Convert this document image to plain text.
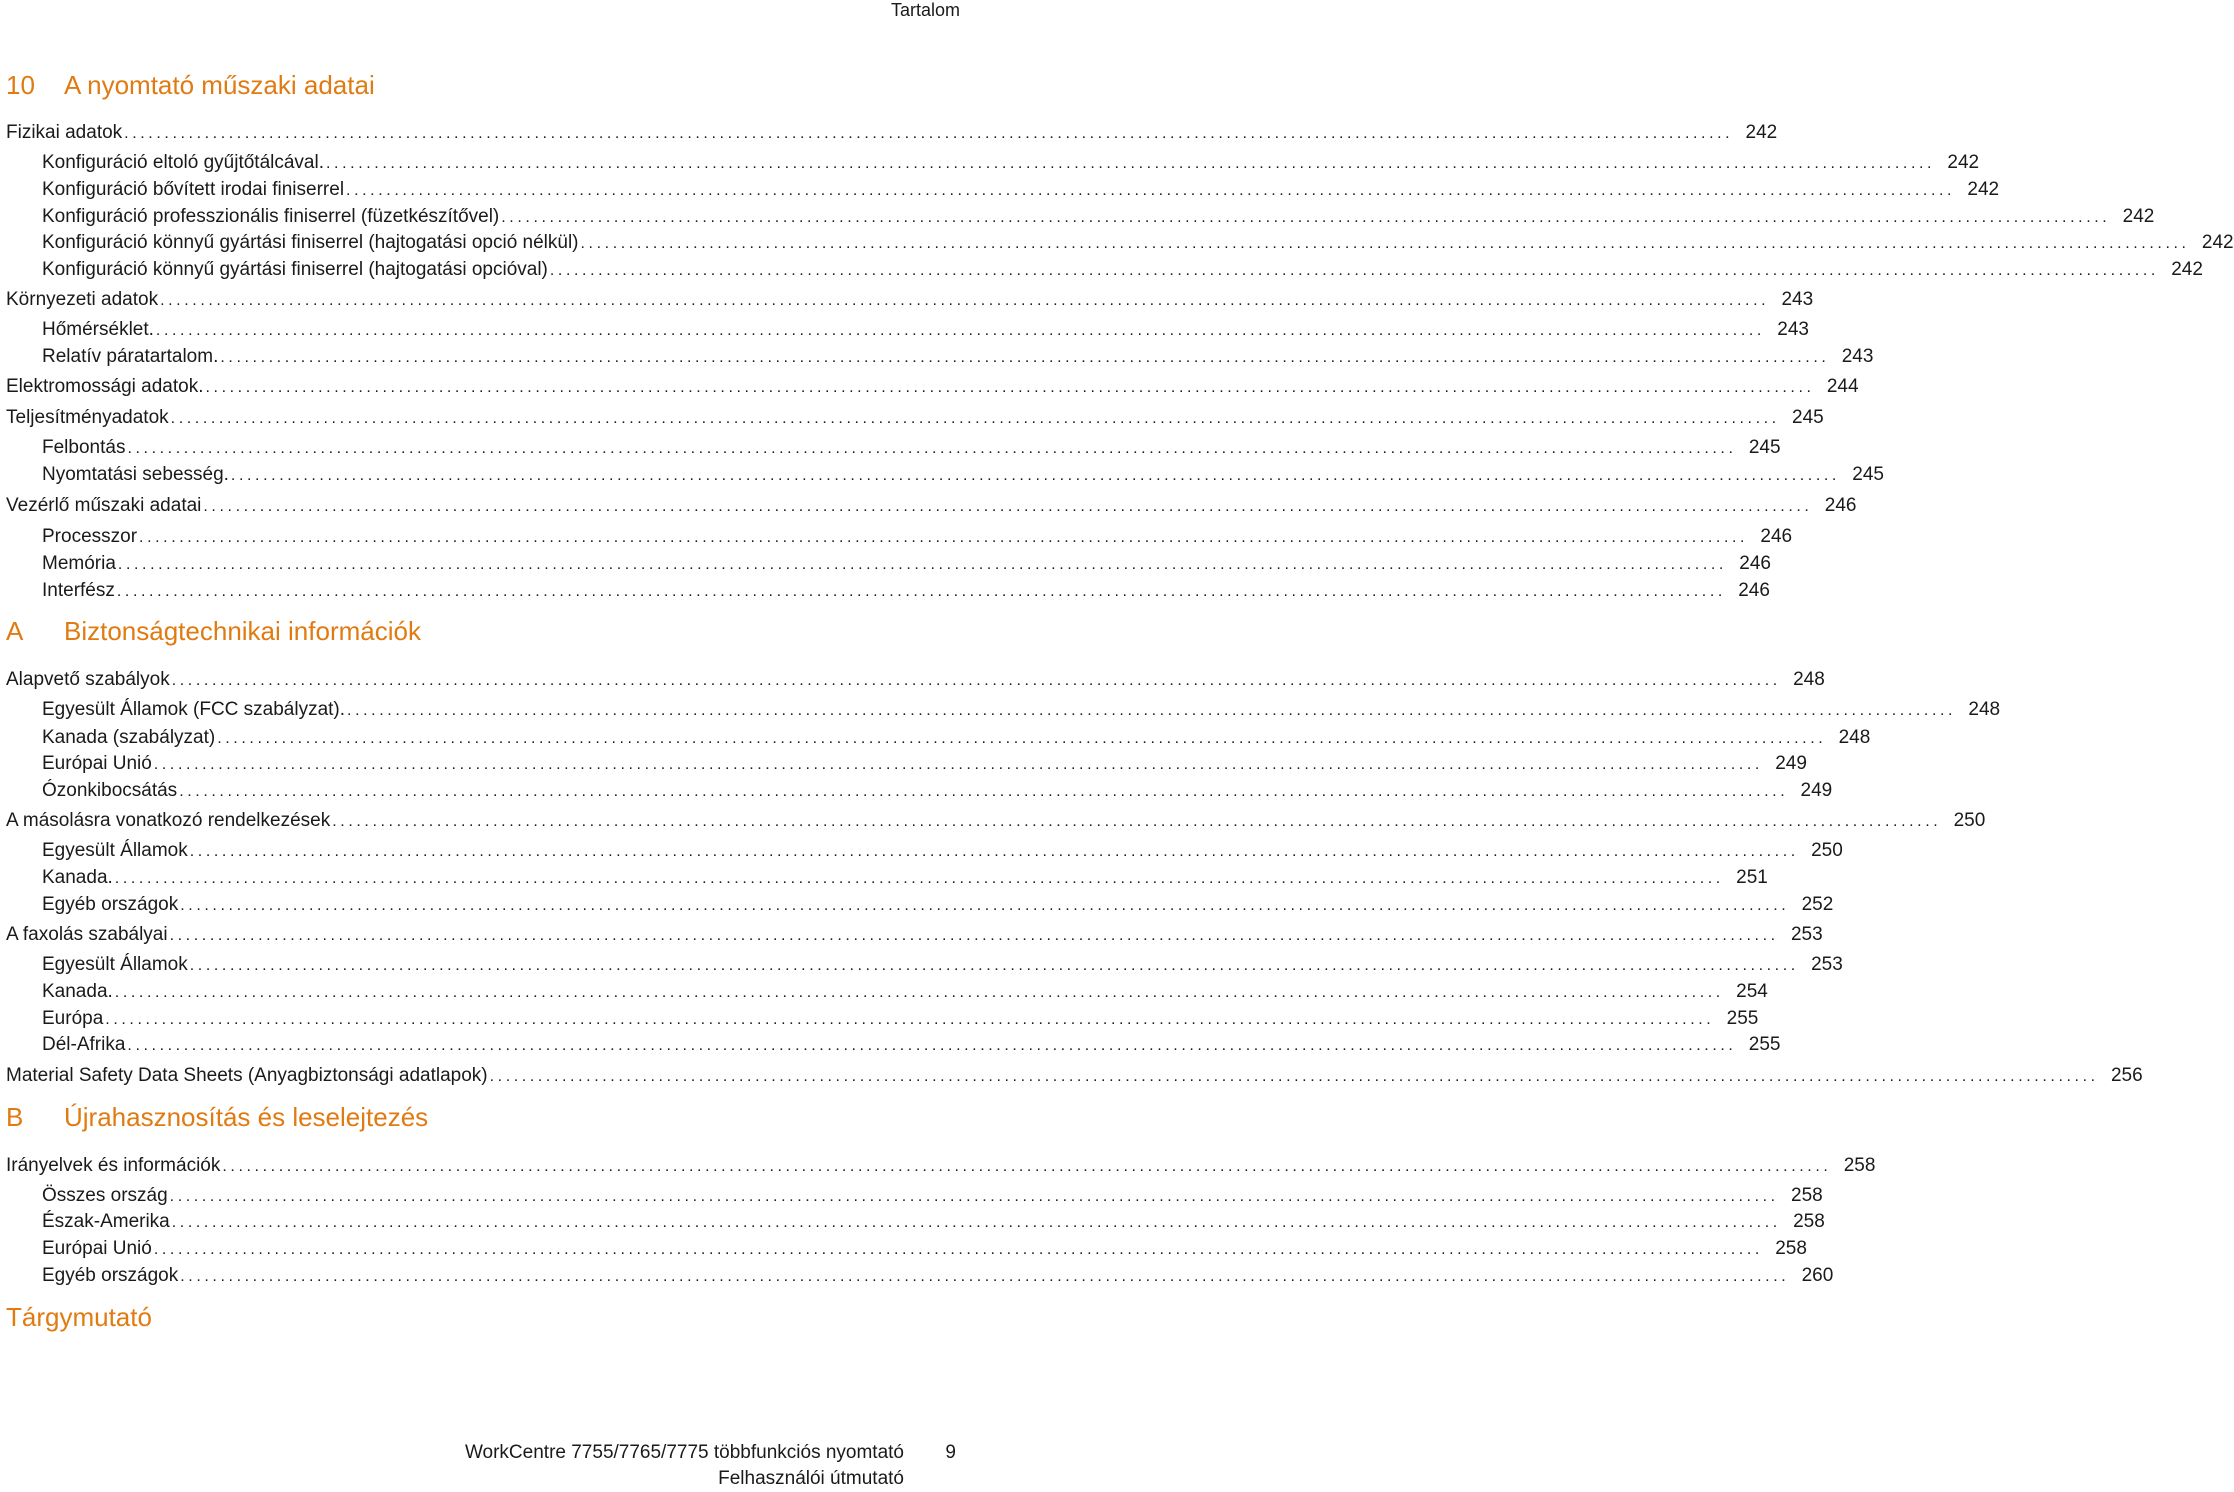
Tartalom
10 A nyomtató műszaki adatai
A Biztonságtechnikai információk
B Újrahasznosítás és leselejtezés
Tárgymutató
Fizikai adatok ........................................................................................................................................................................................................ 242
Konfiguráció eltoló gyűjtőtálcával. ........................................................................................................................................................................................................ 242
Konfiguráció bővített irodai finiserrel ........................................................................................................................................................................................................ 242
Konfiguráció professzionális finiserrel (füzetkészítővel) ........................................................................................................................................................................................................ 242
Konfiguráció könnyű gyártási finiserrel (hajtogatási opció nélkül) ........................................................................................................................................................................................................ 242
Konfiguráció könnyű gyártási finiserrel (hajtogatási opcióval) ........................................................................................................................................................................................................ 242
Környezeti adatok ........................................................................................................................................................................................................ 243
Hőmérséklet. ........................................................................................................................................................................................................ 243
Relatív páratartalom. ........................................................................................................................................................................................................ 243
Elektromossági adatok. ........................................................................................................................................................................................................ 244
Teljesítményadatok ........................................................................................................................................................................................................ 245
Felbontás ........................................................................................................................................................................................................ 245
Nyomtatási sebesség. ........................................................................................................................................................................................................ 245
Vezérlő műszaki adatai ........................................................................................................................................................................................................ 246
Processzor ........................................................................................................................................................................................................ 246
Memória ........................................................................................................................................................................................................ 246
Interfész ........................................................................................................................................................................................................ 246
Alapvető szabályok ........................................................................................................................................................................................................ 248
Egyesült Államok (FCC szabályzat). ........................................................................................................................................................................................................ 248
Kanada (szabályzat) ........................................................................................................................................................................................................ 248
Európai Unió ........................................................................................................................................................................................................ 249
Ózonkibocsátás ........................................................................................................................................................................................................ 249
A másolásra vonatkozó rendelkezések ........................................................................................................................................................................................................ 250
Egyesült Államok ........................................................................................................................................................................................................ 250
Kanada. ........................................................................................................................................................................................................ 251
Egyéb országok ........................................................................................................................................................................................................ 252
A faxolás szabályai ........................................................................................................................................................................................................ 253
Egyesült Államok ........................................................................................................................................................................................................ 253
Kanada. ........................................................................................................................................................................................................ 254
Európa ........................................................................................................................................................................................................ 255
Dél-Afrika ........................................................................................................................................................................................................ 255
Material Safety Data Sheets (Anyagbiztonsági adatlapok) ........................................................................................................................................................................................................ 256
Irányelvek és információk ........................................................................................................................................................................................................ 258
Összes ország ........................................................................................................................................................................................................ 258
Észak-Amerika ........................................................................................................................................................................................................ 258
Európai Unió ........................................................................................................................................................................................................ 258
Egyéb országok ........................................................................................................................................................................................................ 260
WorkCentre 7755/7765/7775 többfunkciós nyomtató
Felhasználói útmutató
9
